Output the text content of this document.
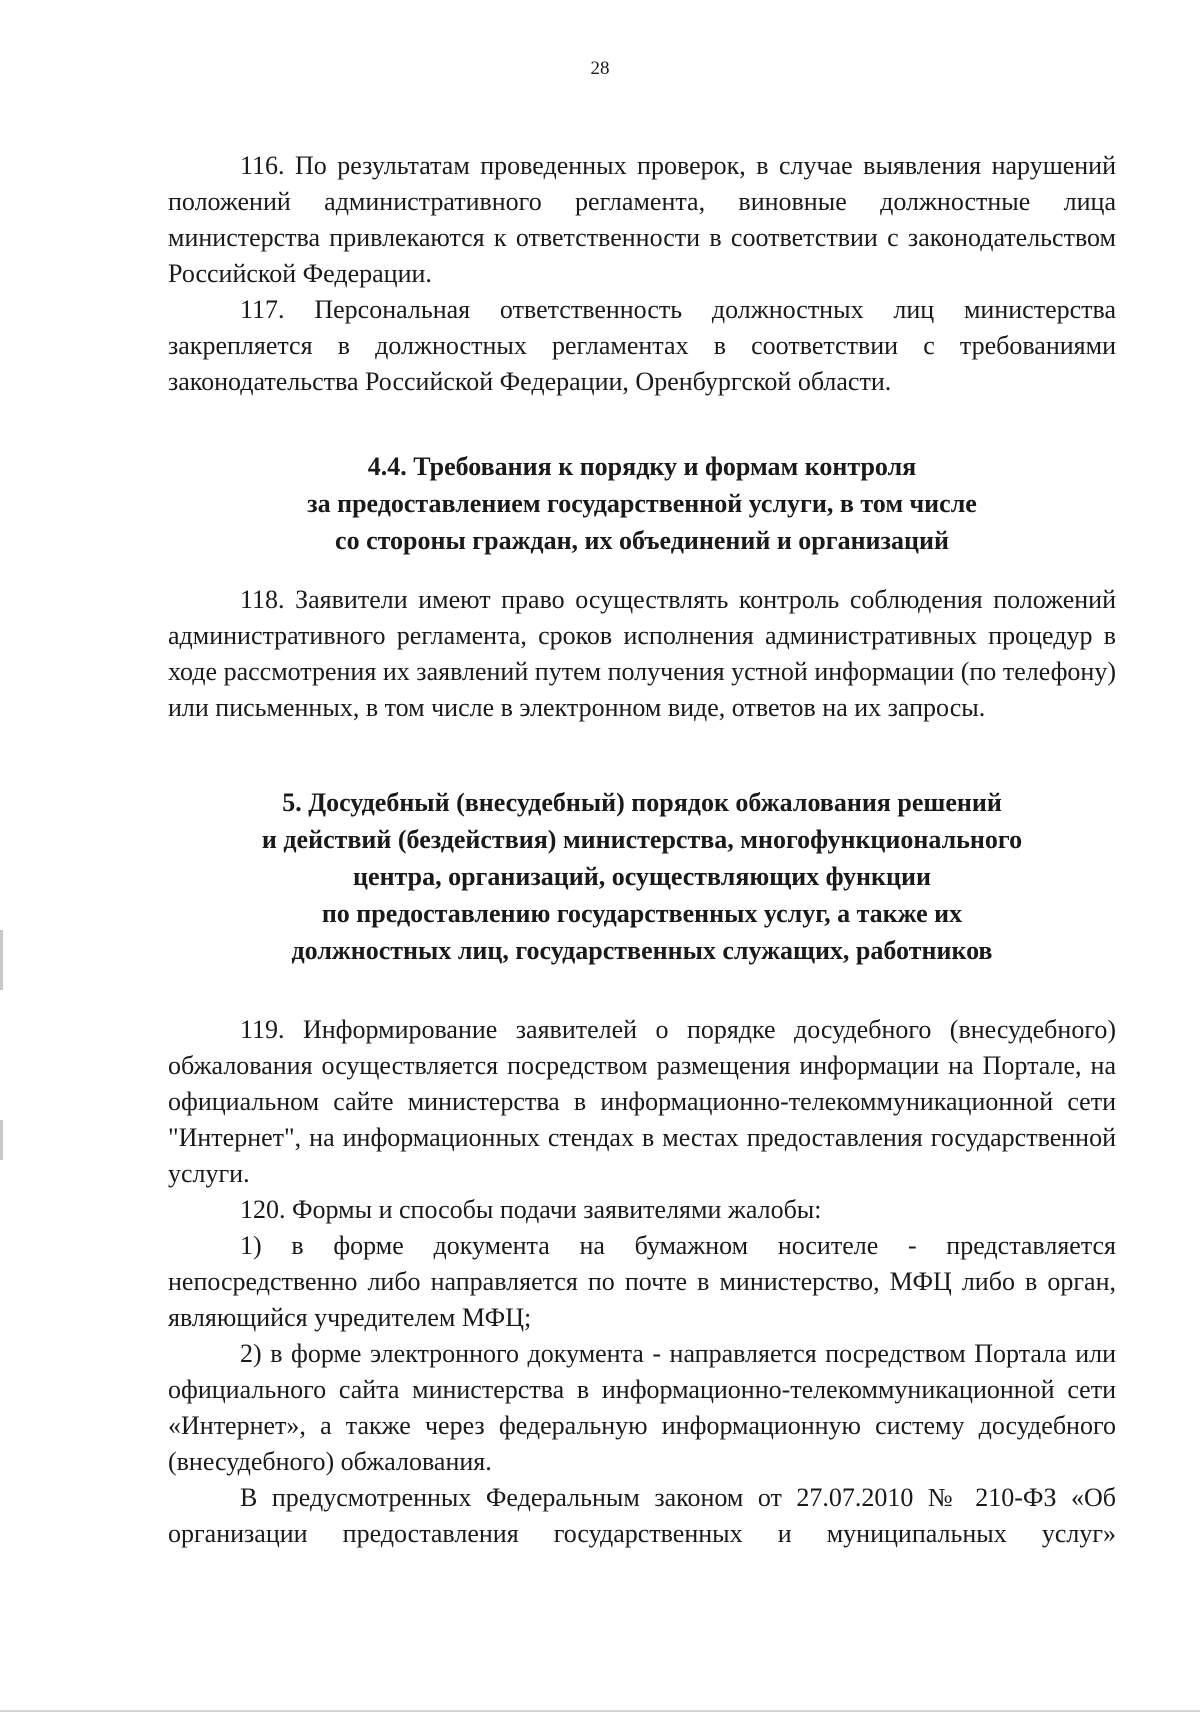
28

116. По результатам проведенных проверок, в случае выявления нарушений положений административного регламента, виновные должностные лица министерства привлекаются к ответственности в соответствии с законодательством Российской Федерации.

117. Персональная ответственность должностных лиц министерства закрепляется в должностных регламентах в соответствии с требованиями законодательства Российской Федерации, Оренбургской области.

4.4. Требования к порядку и формам контроля
за предоставлением государственной услуги, в том числе
со стороны граждан, их объединений и организаций

118. Заявители имеют право осуществлять контроль соблюдения положений административного регламента, сроков исполнения административных процедур в ходе рассмотрения их заявлений путем получения устной информации (по телефону) или письменных, в том числе в электронном виде, ответов на их запросы.

5. Досудебный (внесудебный) порядок обжалования решений
и действий (бездействия) министерства, многофункционального
центра, организаций, осуществляющих функции
по предоставлению государственных услуг, а также их
должностных лиц, государственных служащих, работников

119. Информирование заявителей о порядке досудебного (внесудебного) обжалования осуществляется посредством размещения информации на Портале, на официальном сайте министерства в информационно-телекоммуникационной сети "Интернет", на информационных стендах в местах предоставления государственной услуги.

120. Формы и способы подачи заявителями жалобы:

1) в форме документа на бумажном носителе - представляется непосредственно либо направляется по почте в министерство, МФЦ либо в орган, являющийся учредителем МФЦ;

2) в форме электронного документа - направляется посредством Портала или официального сайта министерства в информационно-телекоммуникационной сети «Интернет», а также через федеральную информационную систему досудебного (внесудебного) обжалования.

В предусмотренных Федеральным законом от 27.07.2010 № 210-ФЗ «Об организации предоставления государственных и муниципальных услуг»
